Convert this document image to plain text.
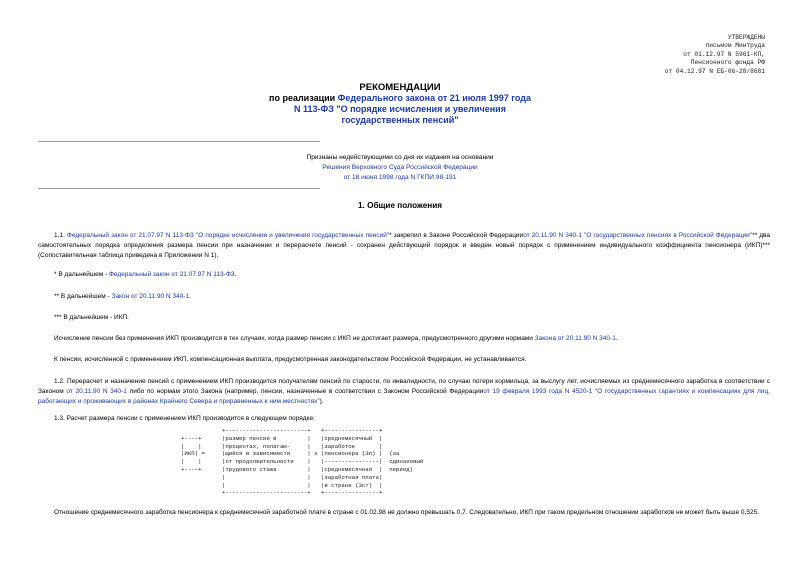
УТВЕРЖДЕНЫ
письмом Минтруда
от 01.12.97 N 5961-КП,
Пенсионного фонда РФ
от 04.12.97 N ЕБ-06-28/8681
РЕКОМЕНДАЦИИ
по реализации Федерального закона от 21 июля 1997 года
N 113-ФЗ "О порядке исчисления и увеличения
государственных пенсий"
Признаны недействующими со дня их издания на основании
Решения Верховного Суда Российской Федерации
от 18 июня 1998 года N ГКПИ 98-191
1. Общие положения
1.1. Федеральный закон от 21.07.97 N 113-ФЗ "О порядке исчисления и увеличения государственных пенсий"* закрепил в Законе Российской Федерацииот 20.11.90 N 340-1 "О государственных пенсиях в Российской Федерации"** два самостоятельных порядка определения размера пенсии при назначении и перерасчете пенсий - сохранен действующий порядок и введен новый порядок с применением индивидуального коэффициента пенсионера (ИКП)*** (Сопоставительная таблица приведена в Приложении N 1).
* В дальнейшем - Федеральный закон от 21.07.97 N 113-ФЗ.
** В дальнейшем - Закон от 20.11.90 N 340-1.
*** В дальнейшем - ИКП.
Исчисление пенсии без применения ИКП производится в тех случаях, когда размер пенсии с ИКП не достигает размера, предусмотренного другими нормами Закона от 20.11.90 N 340-1.
К пенсии, исчисленной с применением ИКП, компенсационная выплата, предусмотренная законодательством Российской Федерации, не устанавливается.
1.2. Перерасчет и назначение пенсий с применением ИКП производится получателям пенсий по старости, по инвалидности, по случаю потери кормильца, за выслугу лет, исчисляемых из среднемесячного заработка в соответствии с Законом от 20.11.90 N 340-1 либо по нормам этого Закона (например, пенсии, назначенные в соответствии с Законом Российской Федерацииот 19 февраля 1993 года N 4520-1 "О государственных гарантиях и компенсациях для лиц, работающих и проживающих в районах Крайнего Севера и приравненных к ним местностях").
1.3. Расчет размера пенсии с применением ИКП производится в следующем порядке:
+------------------------+   +----------------+
+----+      |размер пенсии в         |   |среднемесячный  |
|    |      |процентах, полагаю-     |   |заработок       |
|ИКП| =     |щийся в зависимости     | x |пенсионера (Зп) |  (за
|    |      |от продолжительности    |   |----------------|  одинаковый
+----+      |трудового стажа         |   |среднемесячная  |  период)
|                        |   |заработная плата|
|                        |   |в стране (Зст)  |
+------------------------+   +----------------+
Отношение среднемесячного заработка пенсионера к среднемесячной заработной плате в стране с 01.02.98 не должно превышать 0,7. Следовательно, ИКП при таком предельном отношении заработков не может быть выше 0,525.
